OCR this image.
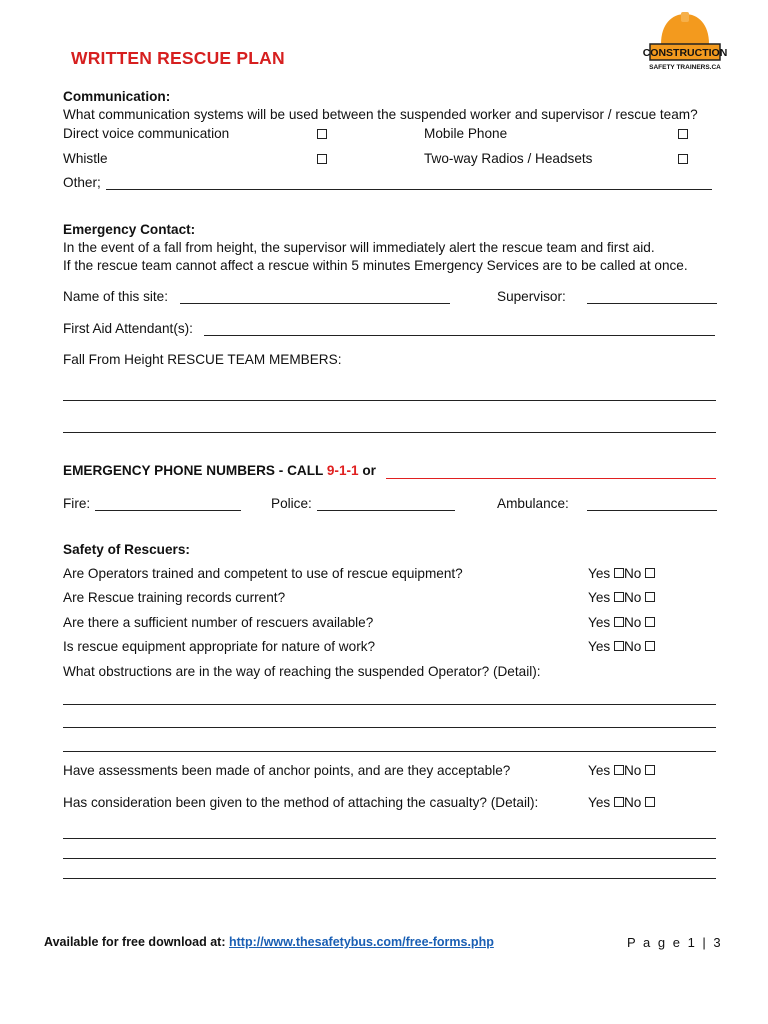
CONSTRUCTION
SAFETY TRAINERS.CA
WRITTEN RESCUE PLAN
Communication:
What communication systems will be used between the suspended worker and supervisor / rescue team?
Direct voice communication	Mobile Phone
Whistle	Two-way Radios / Headsets
Other;
Emergency Contact:
In the event of a fall from height, the supervisor will immediately alert the rescue team and first aid.
If the rescue team cannot affect a rescue within 5 minutes Emergency Services are to be called at once.
Name of this site:	Supervisor:
First Aid Attendant(s):
Fall From Height RESCUE TEAM MEMBERS:
EMERGENCY PHONE NUMBERS - CALL 9-1-1 or
Fire:	Police:	Ambulance:
Safety of Rescuers:
Are Operators trained and competent to use of rescue equipment?	Yes No
Are Rescue training records current?	Yes No
Are there a sufficient number of rescuers available?	Yes No
Is rescue equipment appropriate for nature of work?	Yes No
What obstructions are in the way of reaching the suspended Operator? (Detail):
Have assessments been made of anchor points, and are they acceptable?	Yes No
Has consideration been given to the method of attaching the casualty? (Detail):	Yes No
Available for free download at: http://www.thesafetybus.com/free-forms.php	P a g e 1 | 3
